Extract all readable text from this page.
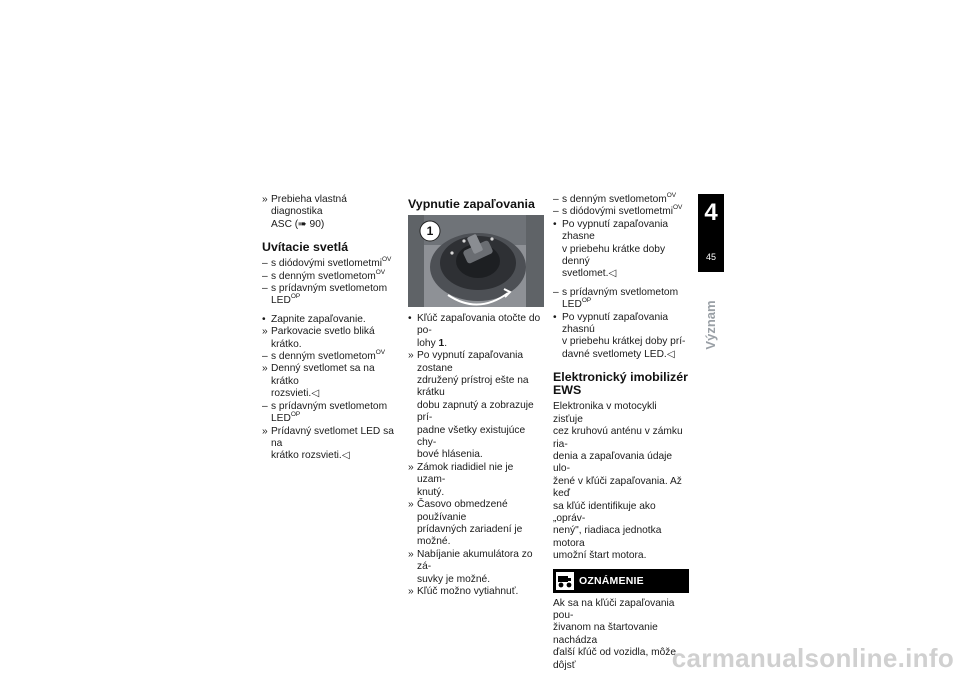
» Prebieha vlastná diagnostika
ASC (➠ 90)

Uvítacie svetlá

– s diódovými svetlometmi$^{OV}$

– s denným svetlometom$^{OV}$

– s prídavným svetlometom
$LED^{OP}$

• Zapnite zapaľovanie.

» Parkovacie svetlo bliká krátko.

– s denným svetlometom$^{OV}$

» Denný svetlomet sa na krátko
rozsvieti.◁

– s prídavným svetlometom
$LED^{OP}$

» Prídavný svetlomet LED sa na
krátko rozsvieti.◁

Vypnutie zapaľovania
1

• Kľúč zapaľovania otočte do po-
lohy 1.

» Po vypnutí zapaľovania zostane
združený prístroj ešte na krátku
dobu zapnutý a zobrazuje prí-
padne všetky existujúce chy-
bové hlásenia.

» Zámok riadidiel nie je uzam-
knutý.

» Časovo obmedzené používanie
prídavných zariadení je možné.

» Nabíjanie akumulátora zo zá-
suvky je možné.

» Kľúč možno vytiahnuť.

– s denným svetlometom$^{OV}$

– s diódovými svetlometmi$^{OV}$

• Po vypnutí zapaľovania zhasne
v priebehu krátke doby denný
svetlomet.◁

– s prídavným svetlometom
$LED^{OP}$

• Po vypnutí zapaľovania zhasnú
v priebehu krátkej doby prí-
davné svetlomety LED.◁

Elektronický imobilizér
EWS
Elektronika v motocykli zisťuje
cez kruhovú anténu v zámku ria-
denia a zapaľovania údaje ulo-
žené v kľúči zapaľovania. Až keď
sa kľúč identifikuje ako „opráv-
nený", riadiaca jednotka motora
umožní štart motora.
OZNÁMENIE
Ak sa na kľúči zapaľovania pou-
živanom na štartovanie nachádza
ďalší kľúč od vozidla, môže dôjsť
4
45
Význam
carmanualsonline.info
